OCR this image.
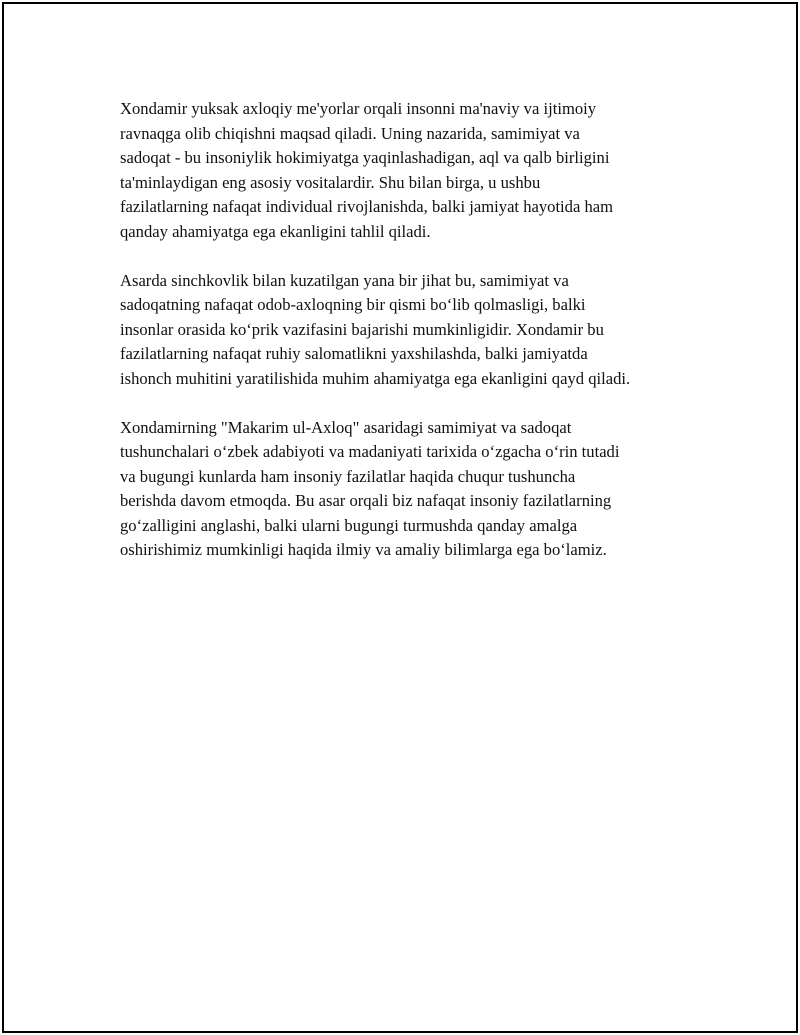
Xondamir yuksak axloqiy me'yorlar orqali insonni ma'naviy va ijtimoiy
ravnaqga olib chiqishni maqsad qiladi. Uning nazarida, samimiyat va
sadoqat - bu insoniylik hokimiyatga yaqinlashadigan, aql va qalb birligini
ta'minlaydigan eng asosiy vositalardir. Shu bilan birga, u ushbu
fazilatlarning nafaqat individual rivojlanishda, balki jamiyat hayotida ham
qanday ahamiyatga ega ekanligini tahlil qiladi.

Asarda sinchkovlik bilan kuzatilgan yana bir jihat bu, samimiyat va
sadoqatning nafaqat odob-axloqning bir qismi bo‘lib qolmasligi, balki
insonlar orasida ko‘prik vazifasini bajarishi mumkinligidir. Xondamir bu
fazilatlarning nafaqat ruhiy salomatlikni yaxshilashda, balki jamiyatda
ishonch muhitini yaratilishida muhim ahamiyatga ega ekanligini qayd qiladi.

Xondamirning "Makarim ul-Axloq" asaridagi samimiyat va sadoqat
tushunchalari o‘zbek adabiyoti va madaniyati tarixida o‘zgacha o‘rin tutadi
va bugungi kunlarda ham insoniy fazilatlar haqida chuqur tushuncha
berishda davom etmoqda. Bu asar orqali biz nafaqat insoniy fazilatlarning
go‘zalligini anglashi, balki ularni bugungi turmushda qanday amalga
oshirishimiz mumkinligi haqida ilmiy va amaliy bilimlarga ega bo‘lamiz.
